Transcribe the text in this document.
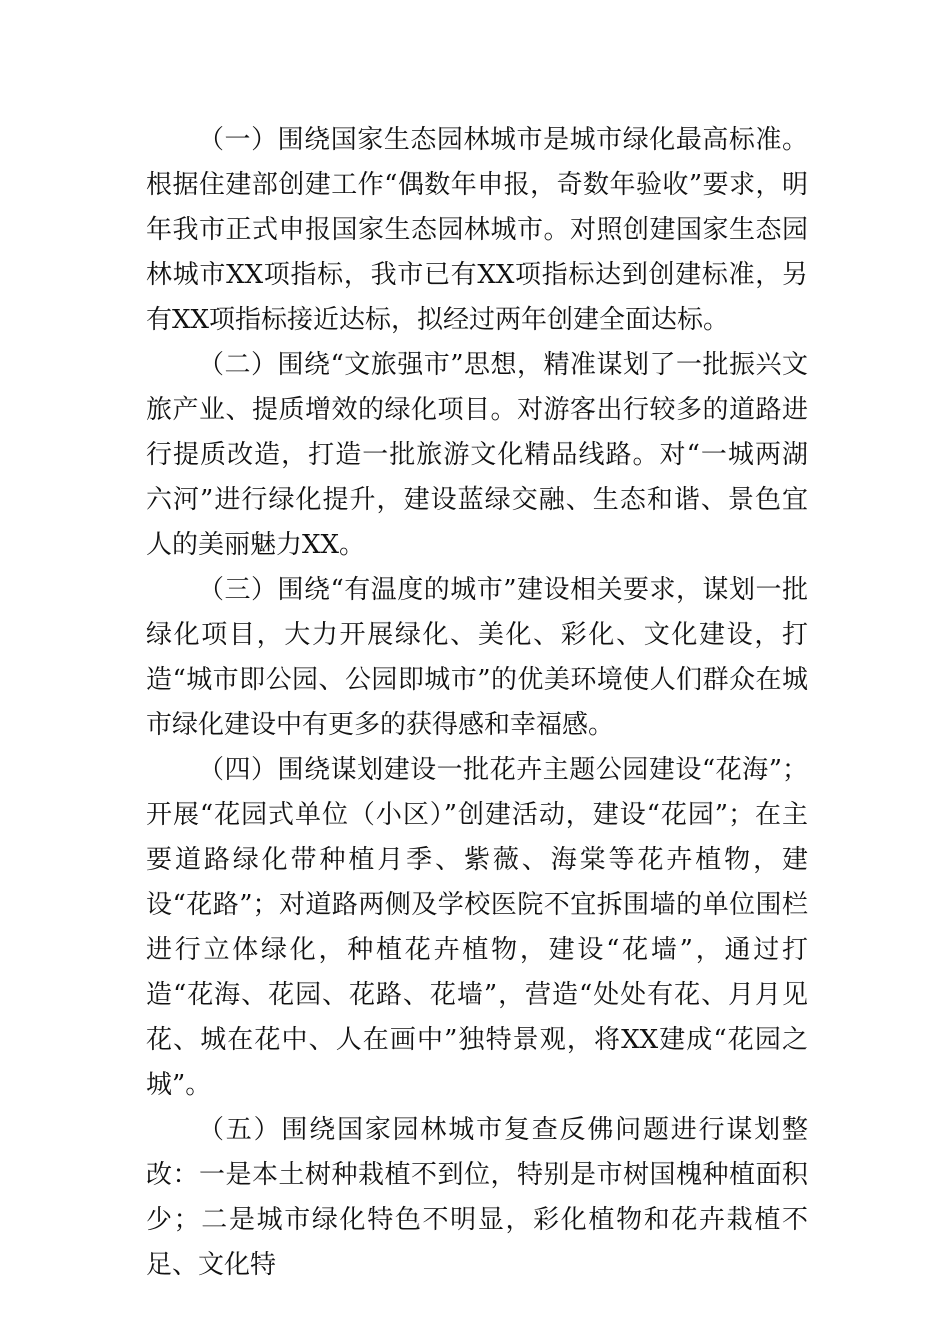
（一）围绕国家生态园林城市是城市绿化最高标准。根据住建部创建工作“偶数年申报，奇数年验收”要求，明年我市正式申报国家生态园林城市。对照创建国家生态园林城市XX项指标，我市已有XX项指标达到创建标准，另有XX项指标接近达标，拟经过两年创建全面达标。

（二）围绕“文旅强市”思想，精准谋划了一批振兴文旅产业、提质增效的绿化项目。对游客出行较多的道路进行提质改造，打造一批旅游文化精品线路。对“一城两湖六河”进行绿化提升，建设蓝绿交融、生态和谐、景色宜人的美丽魅力XX。

（三）围绕“有温度的城市”建设相关要求，谋划一批绿化项目，大力开展绿化、美化、彩化、文化建设，打造“城市即公园、公园即城市”的优美环境使人们群众在城市绿化建设中有更多的获得感和幸福感。

（四）围绕谋划建设一批花卉主题公园建设“花海”；开展“花园式单位（小区）”创建活动，建设“花园”；在主要道路绿化带种植月季、紫薇、海棠等花卉植物，建设“花路”；对道路两侧及学校医院不宜拆围墙的单位围栏进行立体绿化，种植花卉植物，建设“花墙”，通过打造“花海、花园、花路、花墙”，营造“处处有花、月月见花、城在花中、人在画中”独特景观，将XX建成“花园之城”。

（五）围绕国家园林城市复查反佛问题进行谋划整改：一是本土树种栽植不到位，特别是市树国槐种植面积少；二是城市绿化特色不明显，彩化植物和花卉栽植不足、文化特
